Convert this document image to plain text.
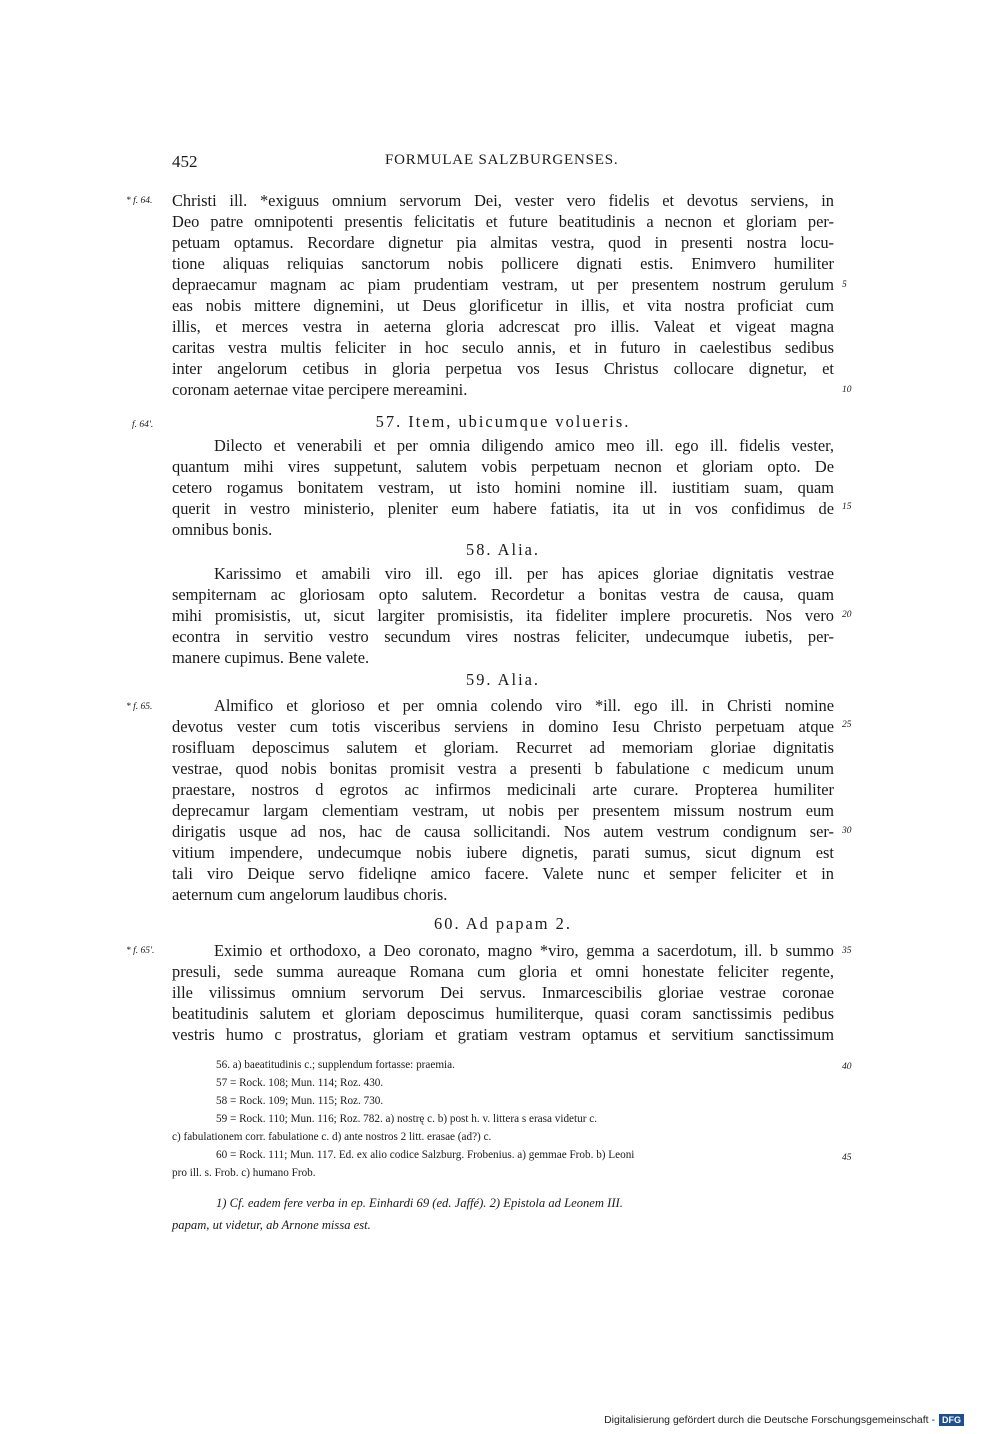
452	FORMULAE SALZBURGENSES.
* f. 64.
f. 64'.
* f. 65.
* f. 65'.
5
10
15
20
25
30
35
40
45
Christi ill. *exiguus omnium servorum Dei, vester vero fidelis et devotus serviens, in
Deo patre omnipotenti presentis felicitatis et future beatitudinis a necnon et gloriam per-
petuam optamus. Recordare dignetur pia almitas vestra, quod in presenti nostra locu-
tione aliquas reliquias sanctorum nobis pollicere dignati estis. Enimvero humiliter
depraecamur magnam ac piam prudentiam vestram, ut per presentem nostrum gerulum
eas nobis mittere dignemini, ut Deus glorificetur in illis, et vita nostra proficiat cum
illis, et merces vestra in aeterna gloria adcrescat pro illis. Valeat et vigeat magna
caritas vestra multis feliciter in hoc seculo annis, et in futuro in caelestibus sedibus
inter angelorum cetibus in gloria perpetua vos Iesus Christus collocare dignetur, et
coronam aeternae vitae percipere mereamini.
57. Item, ubicumque volueris.
Dilecto et venerabili et per omnia diligendo amico meo ill. ego ill. fidelis vester,
quantum mihi vires suppetunt, salutem vobis perpetuam necnon et gloriam opto. De
cetero rogamus bonitatem vestram, ut isto homini nomine ill. iustitiam suam, quam
querit in vestro ministerio, pleniter eum habere fatiatis, ita ut in vos confidimus de
omnibus bonis.
58. Alia.
Karissimo et amabili viro ill. ego ill. per has apices gloriae dignitatis vestrae
sempiternam ac gloriosam opto salutem. Recordetur a bonitas vestra de causa, quam
mihi promisistis, ut, sicut largiter promisistis, ita fideliter implere procuretis. Nos vero
econtra in servitio vestro secundum vires nostras feliciter, undecumque iubetis, per-
manere cupimus. Bene valete.
59. Alia.
Almifico et glorioso et per omnia colendo viro *ill. ego ill. in Christi nomine
devotus vester cum totis visceribus serviens in domino Iesu Christo perpetuam atque
rosifluam deposcimus salutem et gloriam. Recurret ad memoriam gloriae dignitatis
vestrae, quod nobis bonitas promisit vestra a presenti b fabulatione c medicum unum
praestare, nostros d egrotos ac infirmos medicinali arte curare. Propterea humiliter
deprecamur largam clementiam vestram, ut nobis per presentem missum nostrum eum
dirigatis usque ad nos, hac de causa sollicitandi. Nos autem vestrum condignum ser-
vitium impendere, undecumque nobis iubere dignetis, parati sumus, sicut dignum est
tali viro Deique servo fideliqne amico facere. Valete nunc et semper feliciter et in
aeternum cum angelorum laudibus choris.
60. Ad papam 2.
Eximio et orthodoxo, a Deo coronato, magno *viro, gemma a sacerdotum, ill. b summo
presuli, sede summa aureaque Romana cum gloria et omni honestate feliciter regente,
ille vilissimus omnium servorum Dei servus. Inmarcescibilis gloriae vestrae coronae
beatitudinis salutem et gloriam deposcimus humiliterque, quasi coram sanctissimis pedibus
vestris humo c prostratus, gloriam et gratiam vestram optamus et servitium sanctissimum
56. a) baeatitudinis c.; supplendum fortasse: praemia.
57 = Rock. 108; Mun. 114; Roz. 430.
58 = Rock. 109; Mun. 115; Roz. 730.
59 = Rock. 110; Mun. 116; Roz. 782. a) nostrę c. b) post h. v. littera s erasa videtur c.
c) fabulationem corr. fabulatione c. d) ante nostros 2 litt. erasae (ad?) c.
60 = Rock. 111; Mun. 117. Ed. ex alio codice Salzburg. Frobenius. a) gemmae Frob. b) Leoni
pro ill. s. Frob. c) humano Frob.
1) Cf. eadem fere verba in ep. Einhardi 69 (ed. Jaffé). 2) Epistola ad Leonem III.
papam, ut videtur, ab Arnone missa est.
Digitalisierung gefördert durch die Deutsche Forschungsgemeinschaft - DFG
